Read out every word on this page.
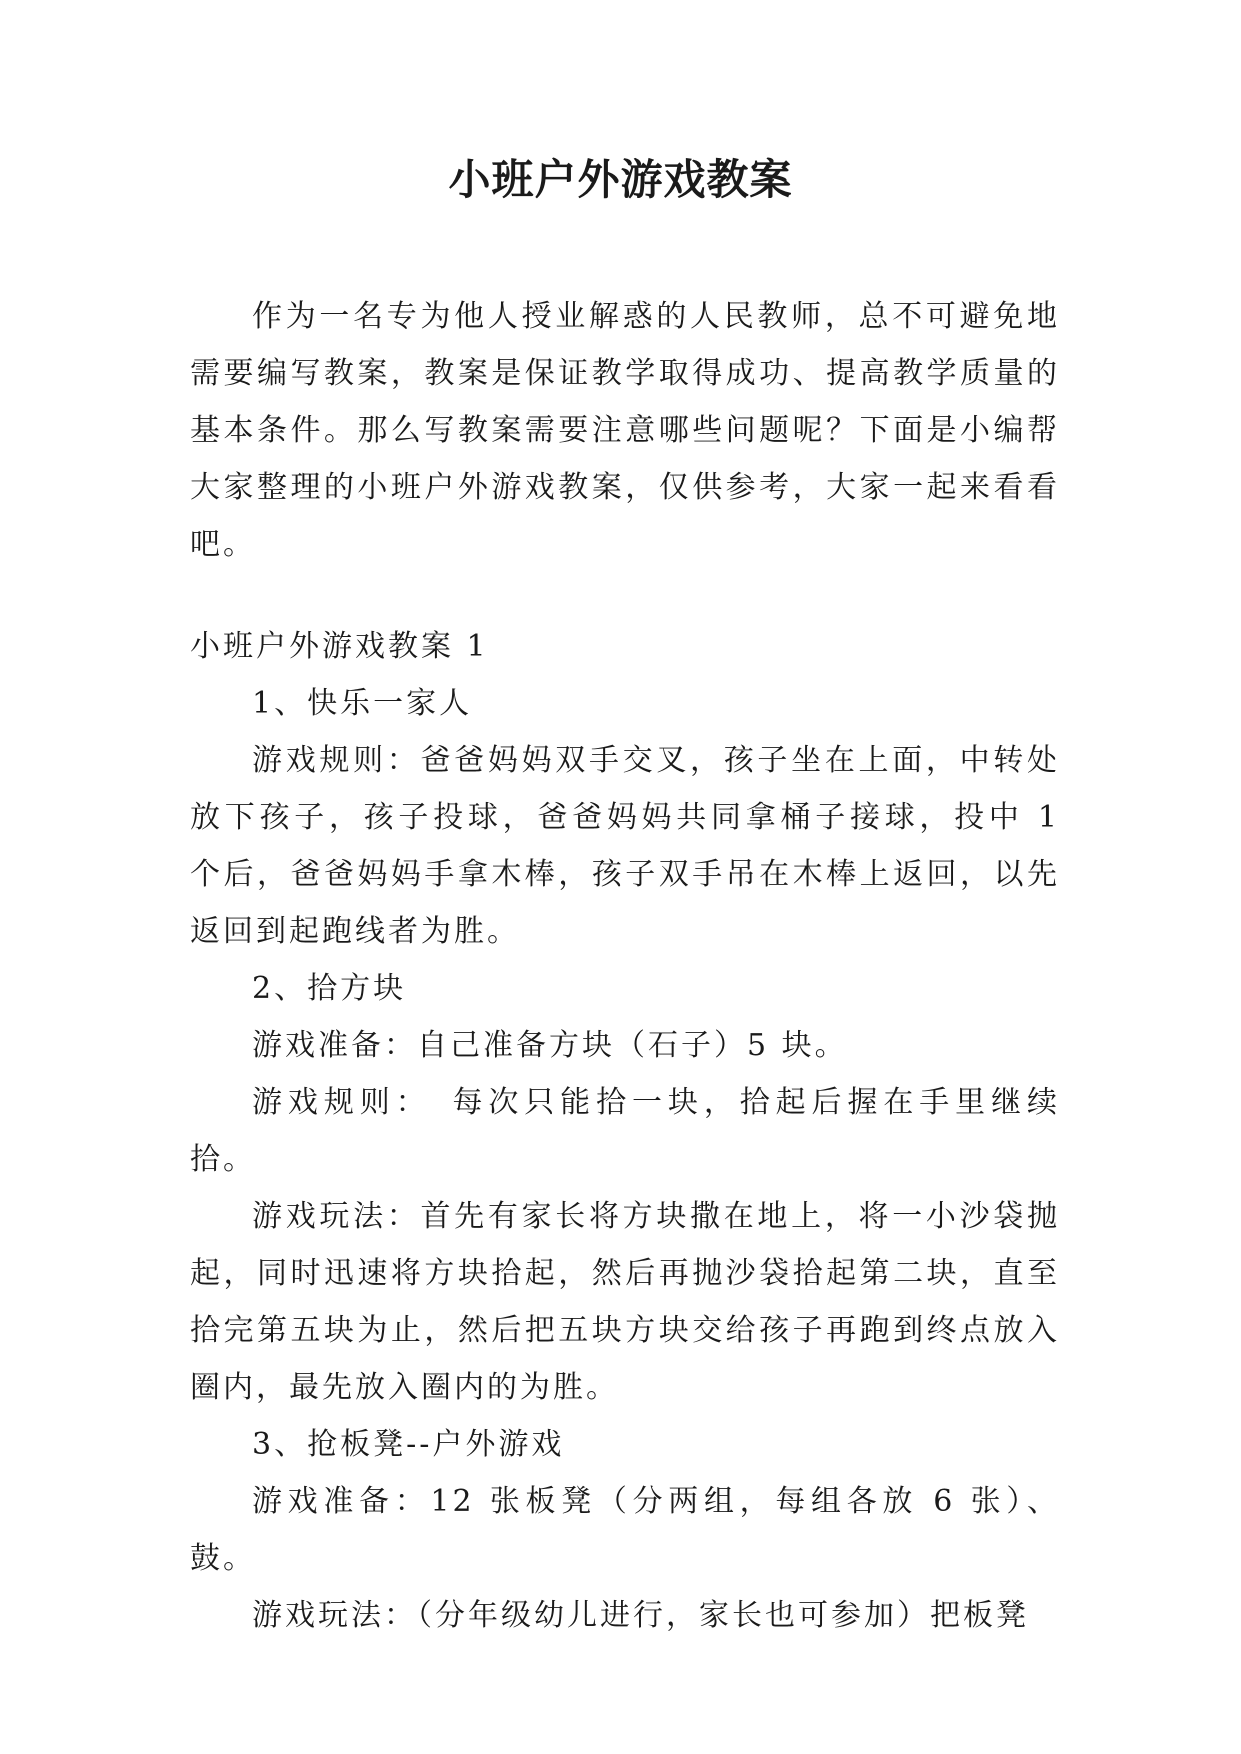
小班户外游戏教案

作为一名专为他人授业解惑的人民教师，总不可避免地需要编写教案，教案是保证教学取得成功、提高教学质量的基本条件。那么写教案需要注意哪些问题呢？下面是小编帮大家整理的小班户外游戏教案，仅供参考，大家一起来看看吧。

小班户外游戏教案 1

1、快乐一家人

游戏规则：爸爸妈妈双手交叉，孩子坐在上面，中转处放下孩子，孩子投球，爸爸妈妈共同拿桶子接球，投中 1 个后，爸爸妈妈手拿木棒，孩子双手吊在木棒上返回，以先返回到起跑线者为胜。

2、拾方块

游戏准备：自己准备方块（石子）5 块。

游戏规则：　每次只能拾一块，拾起后握在手里继续拾。

游戏玩法：首先有家长将方块撒在地上，将一小沙袋抛起，同时迅速将方块拾起，然后再抛沙袋拾起第二块，直至拾完第五块为止，然后把五块方块交给孩子再跑到终点放入圈内，最先放入圈内的为胜。

3、抢板凳--户外游戏

游戏准备：12 张板凳（分两组，每组各放 6 张）、鼓。

游戏玩法：（分年级幼儿进行，家长也可参加）把板凳
